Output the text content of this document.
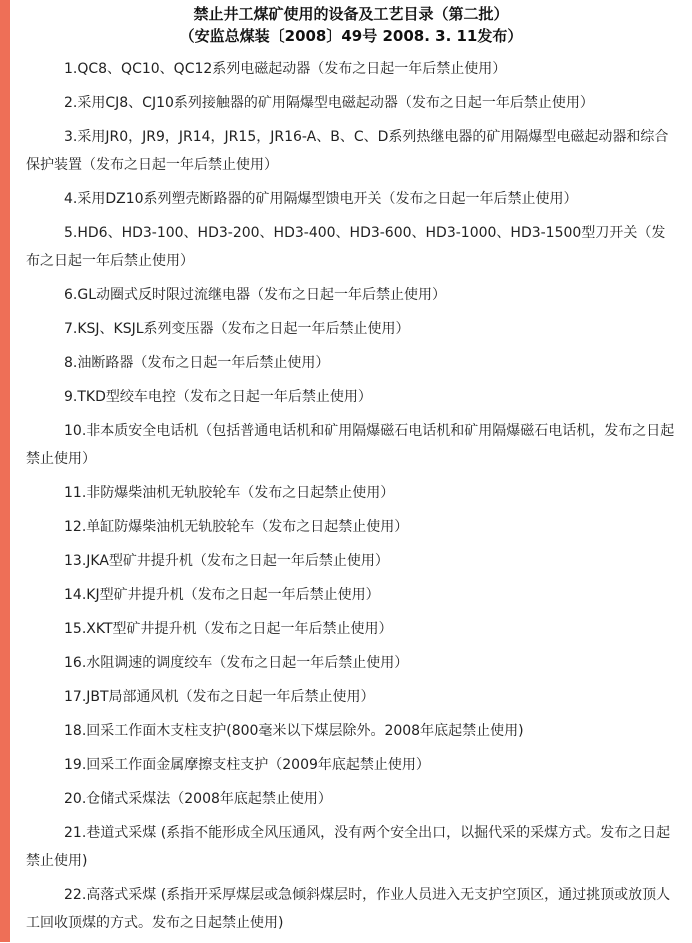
禁止井工煤矿使用的设备及工艺目录（第二批）
（安监总煤装〔2008〕49号 2008. 3. 11发布）

1.QC8、QC10、QC12系列电磁起动器（发布之日起一年后禁止使用）

2.采用CJ8、CJ10系列接触器的矿用隔爆型电磁起动器（发布之日起一年后禁止使用）

3.采用JR0，JR9，JR14，JR15，JR16-A、B、C、D系列热继电器的矿用隔爆型电磁起动器和综合保护装置（发布之日起一年后禁止使用）

4.采用DZ10系列塑壳断路器的矿用隔爆型馈电开关（发布之日起一年后禁止使用）

5.HD6、HD3-100、HD3-200、HD3-400、HD3-600、HD3-1000、HD3-1500型刀开关（发布之日起一年后禁止使用）

6.GL动圈式反时限过流继电器（发布之日起一年后禁止使用）

7.KSJ、KSJL系列变压器（发布之日起一年后禁止使用）

8.油断路器（发布之日起一年后禁止使用）

9.TKD型绞车电控（发布之日起一年后禁止使用）

10.非本质安全电话机（包括普通电话机和矿用隔爆磁石电话机和矿用隔爆磁石电话机，发布之日起禁止使用）

11.非防爆柴油机无轨胶轮车（发布之日起禁止使用）

12.单缸防爆柴油机无轨胶轮车（发布之日起禁止使用）

13.JKA型矿井提升机（发布之日起一年后禁止使用）

14.KJ型矿井提升机（发布之日起一年后禁止使用）

15.XKT型矿井提升机（发布之日起一年后禁止使用）

16.水阻调速的调度绞车（发布之日起一年后禁止使用）

17.JBT局部通风机（发布之日起一年后禁止使用）

18.回采工作面木支柱支护(800毫米以下煤层除外。2008年底起禁止使用)

19.回采工作面金属摩擦支柱支护（2009年底起禁止使用）

20.仓储式采煤法（2008年底起禁止使用）

21.巷道式采煤 (系指不能形成全风压通风，没有两个安全出口，以掘代采的采煤方式。发布之日起禁止使用)

22.高落式采煤 (系指开采厚煤层或急倾斜煤层时，作业人员进入无支护空顶区，通过挑顶或放顶人工回收顶煤的方式。发布之日起禁止使用)
